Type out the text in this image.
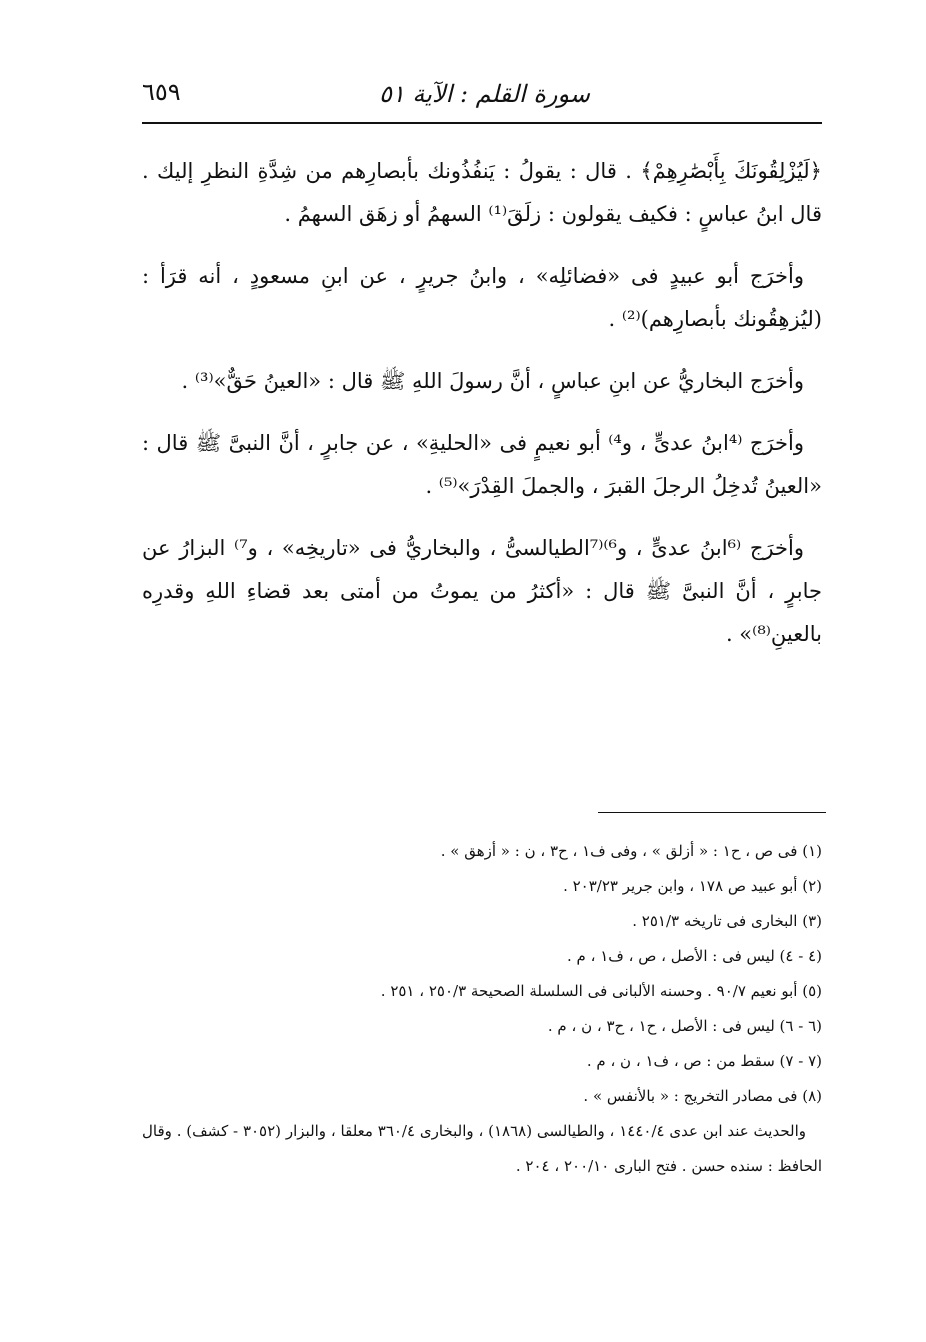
سورة القلم : الآية ٥١
٦٥٩

﴿لَيُزْلِقُونَكَ بِأَبْصَٰرِهِمْ﴾ . قال : يقولُ : يَنفُذُونك بأبصارِهم من شِدَّةِ النظرِ إليك . قال ابنُ عباسٍ : فكيف يقولون : زلَقَ⁽¹⁾ السهمُ أو زهَق السهمُ .

وأخرَج أبو عبيدٍ فى «فضائلِه» ، وابنُ جريرٍ ، عن ابنِ مسعودٍ ، أنه قرَأ : (ليُزهِقُونك بأبصارِهم)⁽²⁾ .

وأخرَج البخاريُّ عن ابنِ عباسٍ ، أنَّ رسولَ اللهِ ﷺ قال : «العينُ حَقٌّ»⁽³⁾ .

وأخرَج ⁽⁴ابنُ عدىٍّ ، و⁴⁾ أبو نعيمٍ فى «الحليةِ» ، عن جابرٍ ، أنَّ النبىَّ ﷺ قال : «العينُ تُدخِلُ الرجلَ القبرَ ، والجملَ القِدْرَ»⁽⁵⁾ .

وأخرَج ⁽⁶ابنُ عدىٍّ ، و⁶⁾⁽⁷الطيالسىُّ ، والبخاريُّ فى «تاريخِه» ، و⁷⁾ البزارُ عن جابرٍ ، أنَّ النبىَّ ﷺ قال : «أكثرُ من يموتُ من أمتى بعد قضاءِ اللهِ وقدرِه بالعينِ⁽⁸⁾» .

(١) فى ص ، ح١ : « أزلق » ، وفى ف١ ، ح٣ ، ن : « أزهق » .

(٢) أبو عبيد ص ١٧٨ ، وابن جرير ٢٠٣/٢٣ .

(٣) البخارى فى تاريخه ٢٥١/٣ .

(٤ - ٤) ليس فى : الأصل ، ص ، ف١ ، م .

(٥) أبو نعيم ٩٠/٧ . وحسنه الألبانى فى السلسلة الصحيحة ٢٥٠/٣ ، ٢٥١ .

(٦ - ٦) ليس فى : الأصل ، ح١ ، ح٣ ، ن ، م .

(٧ - ٧) سقط من : ص ، ف١ ، ن ، م .

(٨) فى مصادر التخريج : « بالأنفس » .

والحديث عند ابن عدى ١٤٤٠/٤ ، والطيالسى (١٨٦٨) ، والبخارى ٣٦٠/٤ معلقا ، والبزار (٣٠٥٢ - كشف) . وقال الحافظ : سنده حسن . فتح البارى ٢٠٠/١٠ ، ٢٠٤ .
